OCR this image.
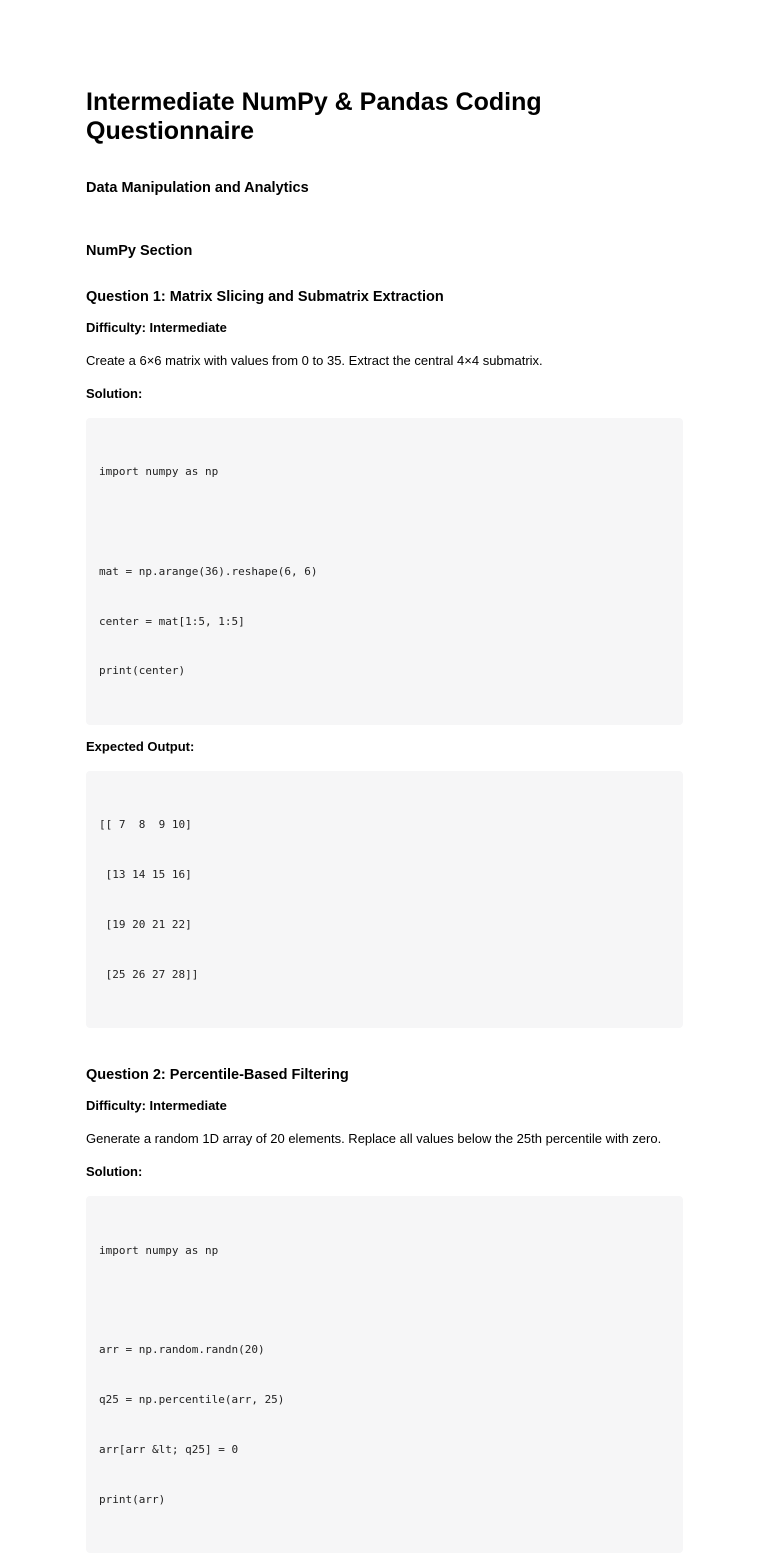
Intermediate NumPy & Pandas Coding Questionnaire
Data Manipulation and Analytics
NumPy Section
Question 1: Matrix Slicing and Submatrix Extraction
Difficulty: Intermediate
Create a 6×6 matrix with values from 0 to 35. Extract the central 4×4 submatrix.
Solution:

import numpy as np

mat = np.arange(36).reshape(6, 6)

center = mat[1:5, 1:5]

print(center)

Expected Output:

[[ 7  8  9 10]

[13 14 15 16]

[19 20 21 22]

[25 26 27 28]]

Question 2: Percentile-Based Filtering
Difficulty: Intermediate
Generate a random 1D array of 20 elements. Replace all values below the 25th percentile with zero.
Solution:

import numpy as np

arr = np.random.randn(20)

q25 = np.percentile(arr, 25)

arr[arr &lt; q25] = 0

print(arr)
